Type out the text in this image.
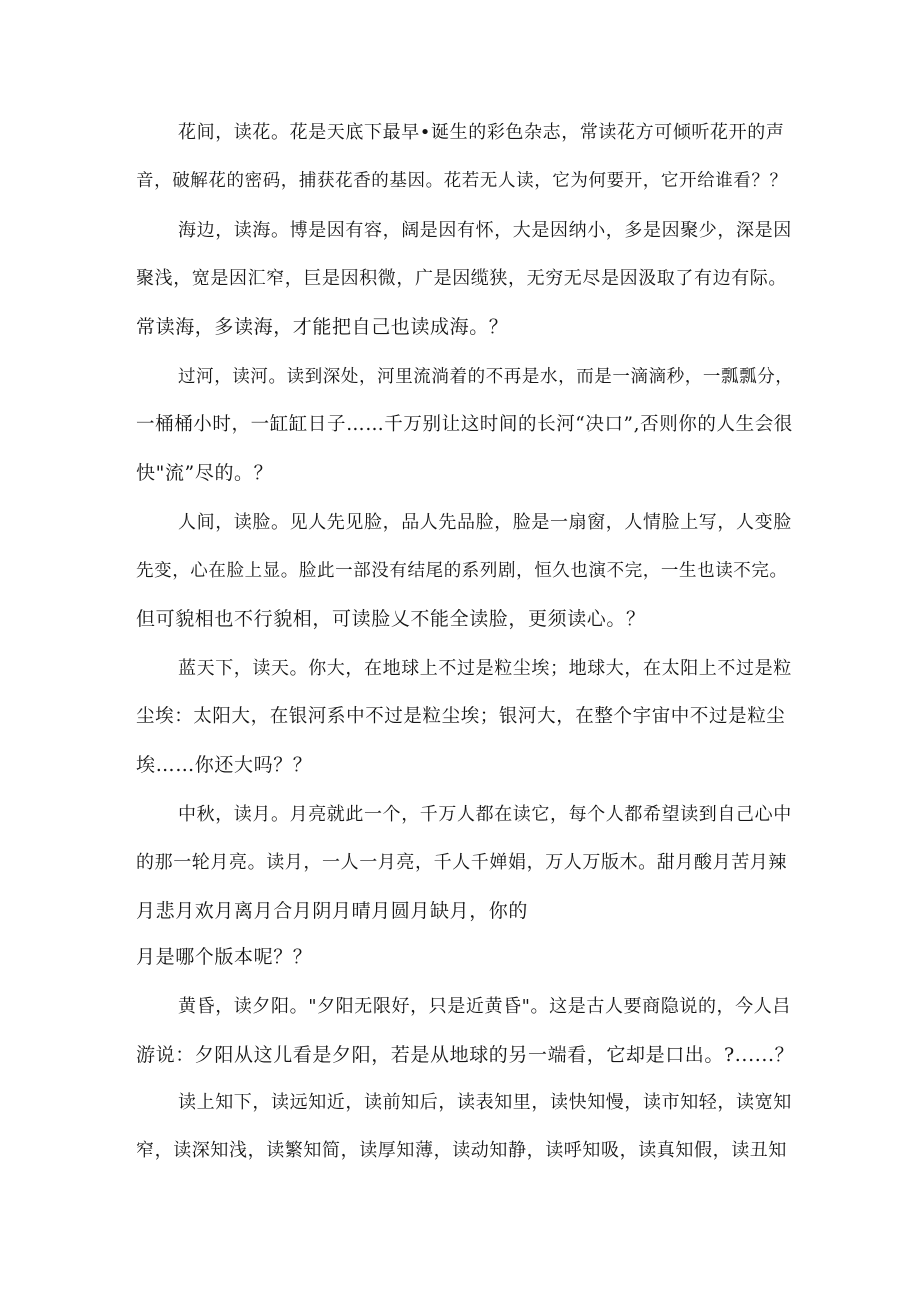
花间，读花。花是天底下最早•诞生的彩色杂志，常读花方可倾听花开的声
音，破解花的密码，捕获花香的基因。花若无人读，它为何要开，它开给谁看？？
海边，读海。博是因有容，阔是因有怀，大是因纳小，多是因聚少，深是因
聚浅，宽是因汇窄，巨是因积微，广是因缆狭，无穷无尽是因汲取了有边有际。
常读海，多读海，才能把自己也读成海。？
过河，读河。读到深处，河里流淌着的不再是水，而是一滴滴秒，一瓢瓢分，
一桶桶小时，一缸缸日子……千万别让这时间的长河“决口”,否则你的人生会很
快"流”尽的。？
人间，读脸。见人先见脸，品人先品脸，脸是一扇窗，人情脸上写，人变脸
先变，心在脸上显。脸此一部没有结尾的系列剧，恒久也演不完，一生也读不完。
但可貌相也不行貌相，可读脸乂不能全读脸，更须读心。？
蓝天下，读天。你大，在地球上不过是粒尘埃；地球大，在太阳上不过是粒
尘埃：太阳大，在银河系中不过是粒尘埃；银河大，在整个宇宙中不过是粒尘
埃……你还大吗？？
中秋，读月。月亮就此一个，千万人都在读它，每个人都希望读到自己心中
的那一轮月亮。读月，一人一月亮，千人千婵娟，万人万版木。甜月酸月苦月辣
月悲月欢月离月合月阴月晴月圆月缺月，你的
月是哪个版本呢？？
黄昏，读夕阳。"夕阳无限好，只是近黄昏"。这是古人要商隐说的，今人吕
游说：夕阳从这儿看是夕阳，若是从地球的另一端看，它却是口出。?......？
读上知下，读远知近，读前知后，读表知里，读快知慢，读市知轻，读宽知
窄，读深知浅，读繁知简，读厚知薄，读动知静，读呼知吸，读真知假，读丑知
